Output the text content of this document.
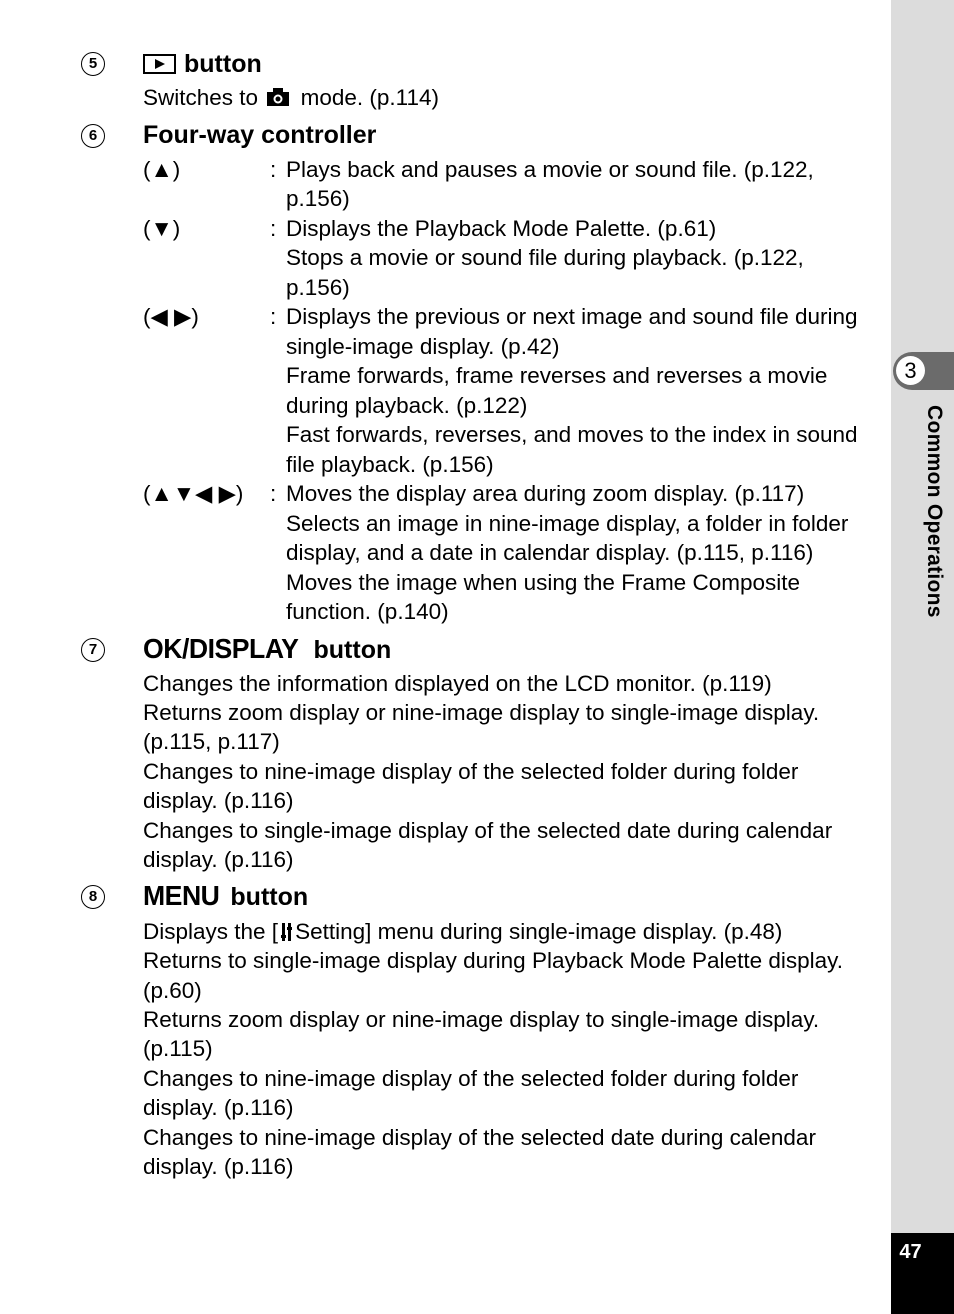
3
Common Operations
47
5	button
Switches to mode. (p.114)
6	Four-way controller
(▲)	: Plays back and pauses a movie or sound file. (p.122,
p.156)
(▼)	: Displays the Playback Mode Palette. (p.61)
Stops a movie or sound file during playback. (p.122,
p.156)
(◀ ▶)	: Displays the previous or next image and sound file during
single-image display. (p.42)
Frame forwards, frame reverses and reverses a movie
during playback. (p.122)
Fast forwards, reverses, and moves to the index in sound
file playback. (p.156)
(▲▼◀ ▶) : Moves the display area during zoom display. (p.117)
Selects an image in nine-image display, a folder in folder
display, and a date in calendar display. (p.115, p.116)
Moves the image when using the Frame Composite
function. (p.140)
7 OK/DISPLAY button
Changes the information displayed on the LCD monitor. (p.119)
Returns zoom display or nine-image display to single-image display.
(p.115, p.117)
Changes to nine-image display of the selected folder during folder
display. (p.116)
Changes to single-image display of the selected date during calendar
display. (p.116)
8 MENU button
Displays the [ Setting] menu during single-image display. (p.48)
Returns to single-image display during Playback Mode Palette display.
(p.60)
Returns zoom display or nine-image display to single-image display.
(p.115)
Changes to nine-image display of the selected folder during folder
display. (p.116)
Changes to nine-image display of the selected date during calendar
display. (p.116)
